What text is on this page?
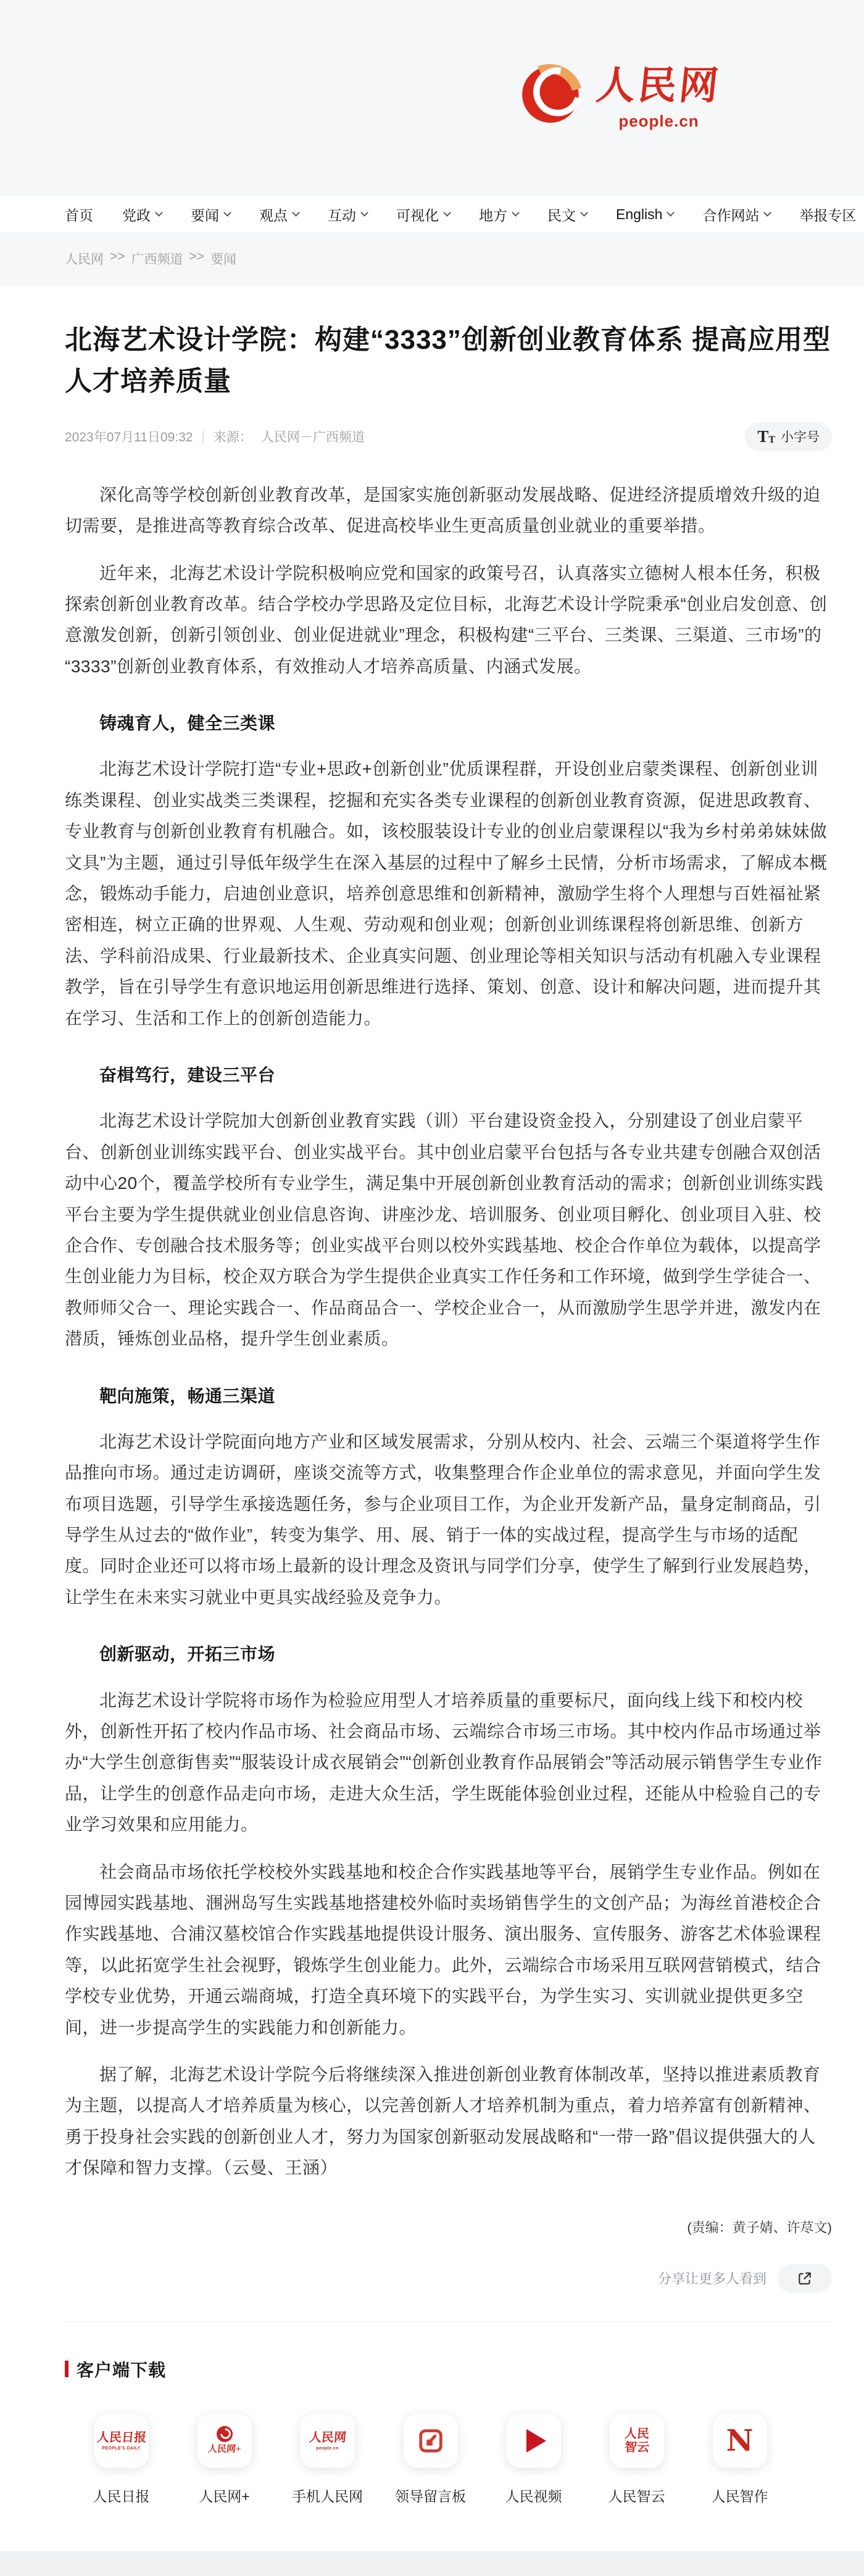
人民网
people.cn
首页 党政	要闻	观点	互动	可视化	地方	民文	English	合作网站	举报专区
人民网 >> 广西频道 >> 要闻
北海艺术设计学院：构建“3333”创新创业教育体系 提高应用型人才培养质量
2023年07月11日09:32 | 来源： 人民网－广西频道	T T 小字号

深化高等学校创新创业教育改革，是国家实施创新驱动发展战略、促进经济提质增效升级的迫切需要，是推进高等教育综合改革、促进高校毕业生更高质量创业就业的重要举措。

近年来，北海艺术设计学院积极响应党和国家的政策号召，认真落实立德树人根本任务，积极探索创新创业教育改革。结合学校办学思路及定位目标，北海艺术设计学院秉承“创业启发创意、创意激发创新，创新引领创业、创业促进就业”理念，积极构建“三平台、三类课、三渠道、三市场”的“3333”创新创业教育体系，有效推动人才培养高质量、内涵式发展。

铸魂育人，健全三类课

北海艺术设计学院打造“专业+思政+创新创业”优质课程群，开设创业启蒙类课程、创新创业训练类课程、创业实战类三类课程，挖掘和充实各类专业课程的创新创业教育资源，促进思政教育、专业教育与创新创业教育有机融合。如，该校服装设计专业的创业启蒙课程以“我为乡村弟弟妹妹做文具”为主题，通过引导低年级学生在深入基层的过程中了解乡土民情，分析市场需求，了解成本概念，锻炼动手能力，启迪创业意识，培养创意思维和创新精神，激励学生将个人理想与百姓福祉紧密相连，树立正确的世界观、人生观、劳动观和创业观；创新创业训练课程将创新思维、创新方法、学科前沿成果、行业最新技术、企业真实问题、创业理论等相关知识与活动有机融入专业课程教学，旨在引导学生有意识地运用创新思维进行选择、策划、创意、设计和解决问题，进而提升其在学习、生活和工作上的创新创造能力。

奋楫笃行，建设三平台

北海艺术设计学院加大创新创业教育实践（训）平台建设资金投入，分别建设了创业启蒙平台、创新创业训练实践平台、创业实战平台。其中创业启蒙平台包括与各专业共建专创融合双创活动中心20个，覆盖学校所有专业学生，满足集中开展创新创业教育活动的需求；创新创业训练实践平台主要为学生提供就业创业信息咨询、讲座沙龙、培训服务、创业项目孵化、创业项目入驻、校企合作、专创融合技术服务等；创业实战平台则以校外实践基地、校企合作单位为载体，以提高学生创业能力为目标，校企双方联合为学生提供企业真实工作任务和工作环境，做到学生学徒合一、教师师父合一、理论实践合一、作品商品合一、学校企业合一，从而激励学生思学并进，激发内在潜质，锤炼创业品格，提升学生创业素质。

靶向施策，畅通三渠道

北海艺术设计学院面向地方产业和区域发展需求，分别从校内、社会、云端三个渠道将学生作品推向市场。通过走访调研，座谈交流等方式，收集整理合作企业单位的需求意见，并面向学生发布项目选题，引导学生承接选题任务，参与企业项目工作，为企业开发新产品，量身定制商品，引导学生从过去的“做作业”，转变为集学、用、展、销于一体的实战过程，提高学生与市场的适配度。同时企业还可以将市场上最新的设计理念及资讯与同学们分享，使学生了解到行业发展趋势，让学生在未来实习就业中更具实战经验及竞争力。

创新驱动，开拓三市场

北海艺术设计学院将市场作为检验应用型人才培养质量的重要标尺，面向线上线下和校内校外，创新性开拓了校内作品市场、社会商品市场、云端综合市场三市场。其中校内作品市场通过举办“大学生创意街售卖”“服装设计成衣展销会”“创新创业教育作品展销会”等活动展示销售学生专业作品，让学生的创意作品走向市场，走进大众生活，学生既能体验创业过程，还能从中检验自己的专业学习效果和应用能力。

社会商品市场依托学校校外实践基地和校企合作实践基地等平台，展销学生专业作品。例如在园博园实践基地、涠洲岛写生实践基地搭建校外临时卖场销售学生的文创产品；为海丝首港校企合作实践基地、合浦汉墓校馆合作实践基地提供设计服务、演出服务、宣传服务、游客艺术体验课程等，以此拓宽学生社会视野，锻炼学生创业能力。此外，云端综合市场采用互联网营销模式，结合学校专业优势，开通云端商城，打造全真环境下的实践平台，为学生实习、实训就业提供更多空间，进一步提高学生的实践能力和创新能力。

据了解，北海艺术设计学院今后将继续深入推进创新创业教育体制改革，坚持以推进素质教育为主题，以提高人才培养质量为核心，以完善创新人才培养机制为重点，着力培养富有创新精神、勇于投身社会实践的创新创业人才，努力为国家创新驱动发展战略和“一带一路”倡议提供强大的人才保障和智力支撑。（云曼、王涵）

(责编：黄子婧、许荩文)
分享让更多人看到
客户端下载
人民日报
PEOPLE'S DAILY
人民日报
人民网+
人民网+
人民网
people.cn
手机人民网 领导留言板	人民视频
人民
智云
人民智云
N
人民智作
